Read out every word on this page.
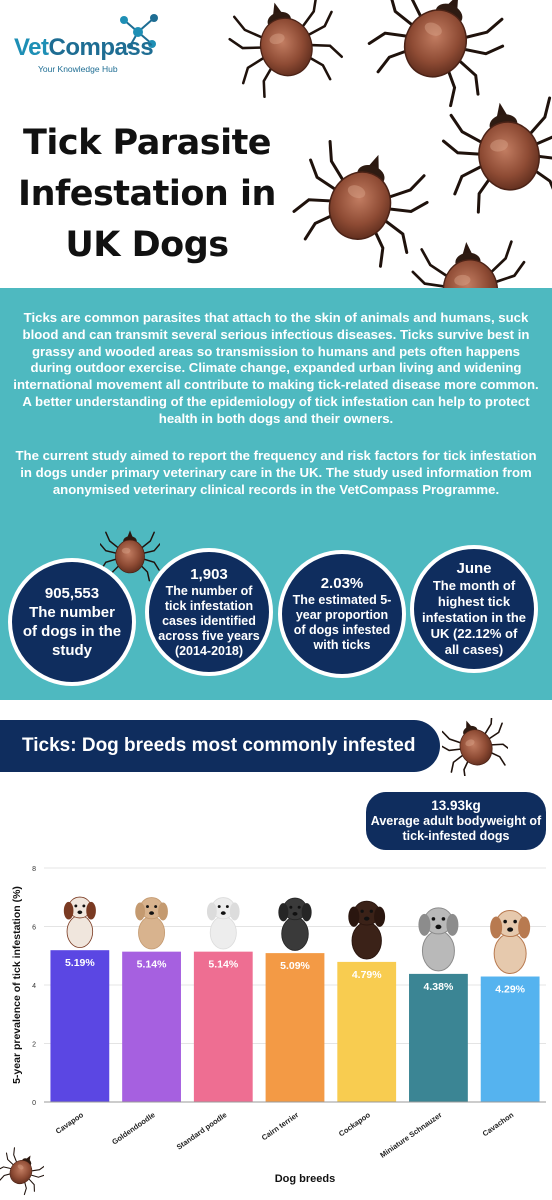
VetCompass
Your Knowledge Hub
Tick Parasite
Infestation in
UK Dogs

Ticks are common parasites that attach to the skin of animals and humans, suck blood and can transmit several serious infectious diseases. Ticks survive best in grassy and wooded areas so transmission to humans and pets often happens during outdoor exercise. Climate change, expanded urban living and widening international movement all contribute to making tick-related disease more common. A better understanding of the epidemiology of tick infestation can help to protect health in both dogs and their owners.

The current study aimed to report the frequency and risk factors for tick infestation in dogs under primary veterinary care in the UK. The study used information from anonymised veterinary clinical records in the VetCompass Programme.

905,553
The number of dogs in the study
1,903
The number of tick infestation cases identified across five years (2014-2018)
2.03%
The estimated 5-year proportion of dogs infested with ticks
June
The month of highest tick infestation in the UK (22.12% of all cases)
Ticks: Dog breeds most commonly infested
13.93kg
Average adult bodyweight of tick-infested dogs
0
2
4
6
8
5-year prevalence of tick infestation (%)	5.19%
Cavapoo
5.14%
Goldendoodle
5.14%
Standard poodle
5.09%
Cairn terrier
4.79%
Cockapoo
4.38%
Miniature Schnauzer
4.29%
Cavachon
Dog breeds
